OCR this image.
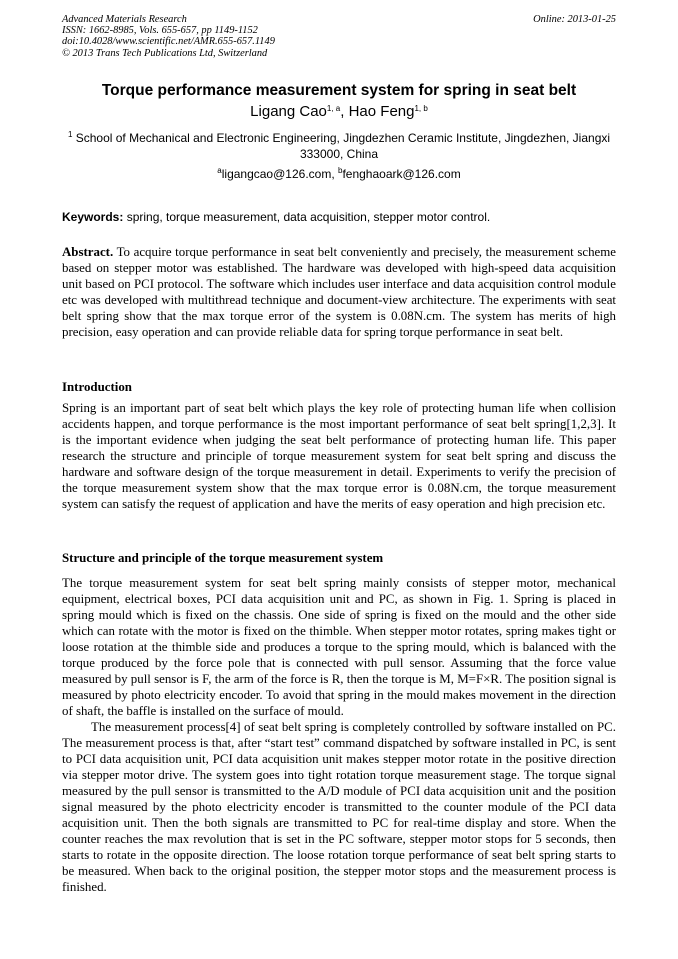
Advanced Materials Research
ISSN: 1662-8985, Vols. 655-657, pp 1149-1152
doi:10.4028/www.scientific.net/AMR.655-657.1149
© 2013 Trans Tech Publications Ltd, Switzerland
Online: 2013-01-25
Torque performance measurement system for spring in seat belt
Ligang Cao$^{1, a}$, Hao Feng$^{1, b}$
$^1$ School of Mechanical and Electronic Engineering, Jingdezhen Ceramic Institute, Jingdezhen, Jiangxi 333000, China
$^a$ligangcao@126.com, $^b$fenghaoark@126.com
Keywords: spring, torque measurement, data acquisition, stepper motor control.
Abstract. To acquire torque performance in seat belt conveniently and precisely, the measurement scheme based on stepper motor was established. The hardware was developed with high-speed data acquisition unit based on PCI protocol. The software which includes user interface and data acquisition control module etc was developed with multithread technique and document-view architecture. The experiments with seat belt spring show that the max torque error of the system is 0.08N.cm. The system has merits of high precision, easy operation and can provide reliable data for spring torque performance in seat belt.
Introduction
Spring is an important part of seat belt which plays the key role of protecting human life when collision accidents happen, and torque performance is the most important performance of seat belt spring[1,2,3]. It is the important evidence when judging the seat belt performance of protecting human life. This paper research the structure and principle of torque measurement system for seat belt spring and discuss the hardware and software design of the torque measurement in detail. Experiments to verify the precision of the torque measurement system show that the max torque error is 0.08N.cm, the torque measurement system can satisfy the request of application and have the merits of easy operation and high precision etc.
Structure and principle of the torque measurement system
The torque measurement system for seat belt spring mainly consists of stepper motor, mechanical equipment, electrical boxes, PCI data acquisition unit and PC, as shown in Fig. 1. Spring is placed in spring mould which is fixed on the chassis. One side of spring is fixed on the mould and the other side which can rotate with the motor is fixed on the thimble. When stepper motor rotates, spring makes tight or loose rotation at the thimble side and produces a torque to the spring mould, which is balanced with the torque produced by the force pole that is connected with pull sensor. Assuming that the force value measured by pull sensor is F, the arm of the force is R, then the torque is M, M=F×R. The position signal is measured by photo electricity encoder. To avoid that spring in the mould makes movement in the direction of shaft, the baffle is installed on the surface of mould.
The measurement process[4] of seat belt spring is completely controlled by software installed on PC. The measurement process is that, after “start test” command dispatched by software installed in PC, is sent to PCI data acquisition unit, PCI data acquisition unit makes stepper motor rotate in the positive direction via stepper motor drive. The system goes into tight rotation torque measurement stage. The torque signal measured by the pull sensor is transmitted to the A/D module of PCI data acquisition unit and the position signal measured by the photo electricity encoder is transmitted to the counter module of the PCI data acquisition unit. Then the both signals are transmitted to PC for real-time display and store. When the counter reaches the max revolution that is set in the PC software, stepper motor stops for 5 seconds, then starts to rotate in the opposite direction. The loose rotation torque performance of seat belt spring starts to be measured. When back to the original position, the stepper motor stops and the measurement process is finished.
